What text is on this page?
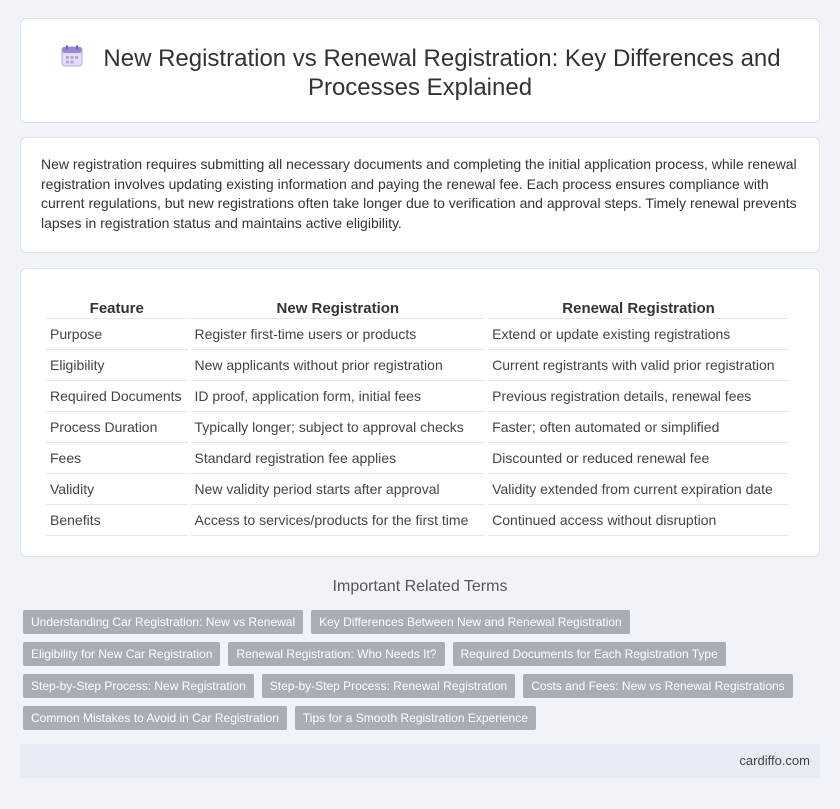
New Registration vs Renewal Registration: Key Differences and Processes Explained

New registration requires submitting all necessary documents and completing the initial application process, while renewal registration involves updating existing information and paying the renewal fee. Each process ensures compliance with current regulations, but new registrations often take longer due to verification and approval steps. Timely renewal prevents lapses in registration status and maintains active eligibility.

Feature	New Registration	Renewal Registration
Purpose	Register first-time users or products	Extend or update existing registrations
Eligibility	New applicants without prior registration	Current registrants with valid prior registration
Required Documents	ID proof, application form, initial fees	Previous registration details, renewal fees
Process Duration	Typically longer; subject to approval checks	Faster; often automated or simplified
Fees	Standard registration fee applies	Discounted or reduced renewal fee
Validity	New validity period starts after approval	Validity extended from current expiration date
Benefits	Access to services/products for the first time	Continued access without disruption
Important Related Terms
Understanding Car Registration: New vs Renewal	Key Differences Between New and Renewal Registration
Eligibility for New Car Registration	Renewal Registration: Who Needs It?	Required Documents for Each Registration Type
Step-by-Step Process: New Registration	Step-by-Step Process: Renewal Registration	Costs and Fees: New vs Renewal Registrations
Common Mistakes to Avoid in Car Registration	Tips for a Smooth Registration Experience
cardiffo.com
